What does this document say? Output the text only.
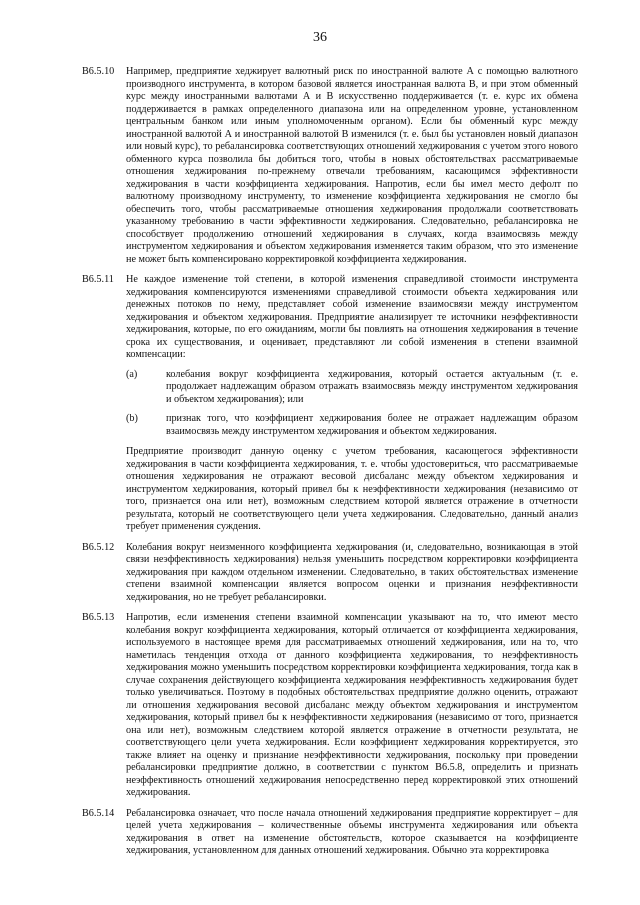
36
B6.5.10 Например, предприятие хеджирует валютный риск по иностранной валюте А с помощью валютного производного инструмента, в котором базовой является иностранная валюта В, и при этом обменный курс между иностранными валютами А и В искусственно поддерживается (т. е. курс их обмена поддерживается в рамках определенного диапазона или на определенном уровне, установленном центральным банком или иным уполномоченным органом). Если бы обменный курс между иностранной валютой А и иностранной валютой В изменился (т. е. был бы установлен новый диапазон или новый курс), то ребалансировка соответствующих отношений хеджирования с учетом этого нового обменного курса позволила бы добиться того, чтобы в новых обстоятельствах рассматриваемые отношения хеджирования по-прежнему отвечали требованиям, касающимся эффективности хеджирования в части коэффициента хеджирования. Напротив, если бы имел место дефолт по валютному производному инструменту, то изменение коэффициента хеджирования не смогло бы обеспечить того, чтобы рассматриваемые отношения хеджирования продолжали соответствовать указанному требованию в части эффективности хеджирования. Следовательно, ребалансировка не способствует продолжению отношений хеджирования в случаях, когда взаимосвязь между инструментом хеджирования и объектом хеджирования изменяется таким образом, что это изменение не может быть компенсировано корректировкой коэффициента хеджирования.
B6.5.11 Не каждое изменение той степени, в которой изменения справедливой стоимости инструмента хеджирования компенсируются изменениями справедливой стоимости объекта хеджирования или денежных потоков по нему, представляет собой изменение взаимосвязи между инструментом хеджирования и объектом хеджирования. Предприятие анализирует те источники неэффективности хеджирования, которые, по его ожиданиям, могли бы повлиять на отношения хеджирования в течение срока их существования, и оценивает, представляют ли собой изменения в степени взаимной компенсации:
(a)	колебания вокруг коэффициента хеджирования, который остается актуальным (т. е. продолжает надлежащим образом отражать взаимосвязь между инструментом хеджирования и объектом хеджирования); или
(b)	признак того, что коэффициент хеджирования более не отражает надлежащим образом взаимосвязь между инструментом хеджирования и объектом хеджирования.
Предприятие производит данную оценку с учетом требования, касающегося эффективности хеджирования в части коэффициента хеджирования, т. е. чтобы удостовериться, что рассматриваемые отношения хеджирования не отражают весовой дисбаланс между объектом хеджирования и инструментом хеджирования, который привел бы к неэффективности хеджирования (независимо от того, признается она или нет), возможным следствием которой является отражение в отчетности результата, который не соответствующего цели учета хеджирования. Следовательно, данный анализ требует применения суждения.
B6.5.12 Колебания вокруг неизменного коэффициента хеджирования (и, следовательно, возникающая в этой связи неэффективность хеджирования) нельзя уменьшить посредством корректировки коэффициента хеджирования при каждом отдельном изменении. Следовательно, в таких обстоятельствах изменение степени взаимной компенсации является вопросом оценки и признания неэффективности хеджирования, но не требует ребалансировки.
B6.5.13 Напротив, если изменения степени взаимной компенсации указывают на то, что имеют место колебания вокруг коэффициента хеджирования, который отличается от коэффициента хеджирования, используемого в настоящее время для рассматриваемых отношений хеджирования, или на то, что наметилась тенденция отхода от данного коэффициента хеджирования, то неэффективность хеджирования можно уменьшить посредством корректировки коэффициента хеджирования, тогда как в случае сохранения действующего коэффициента хеджирования неэффективность хеджирования будет только увеличиваться. Поэтому в подобных обстоятельствах предприятие должно оценить, отражают ли отношения хеджирования весовой дисбаланс между объектом хеджирования и инструментом хеджирования, который привел бы к неэффективности хеджирования (независимо от того, признается она или нет), возможным следствием которой является отражение в отчетности результата, не соответствующего цели учета хеджирования. Если коэффициент хеджирования корректируется, это также влияет на оценку и признание неэффективности хеджирования, поскольку при проведении ребалансировки предприятие должно, в соответствии с пунктом B6.5.8, определить и признать неэффективность отношений хеджирования непосредственно перед корректировкой этих отношений хеджирования.
B6.5.14 Ребалансировка означает, что после начала отношений хеджирования предприятие корректирует – для целей учета хеджирования – количественные объемы инструмента хеджирования или объекта хеджирования в ответ на изменение обстоятельств, которое сказывается на коэффициенте хеджирования, установленном для данных отношений хеджирования. Обычно эта корректировка
